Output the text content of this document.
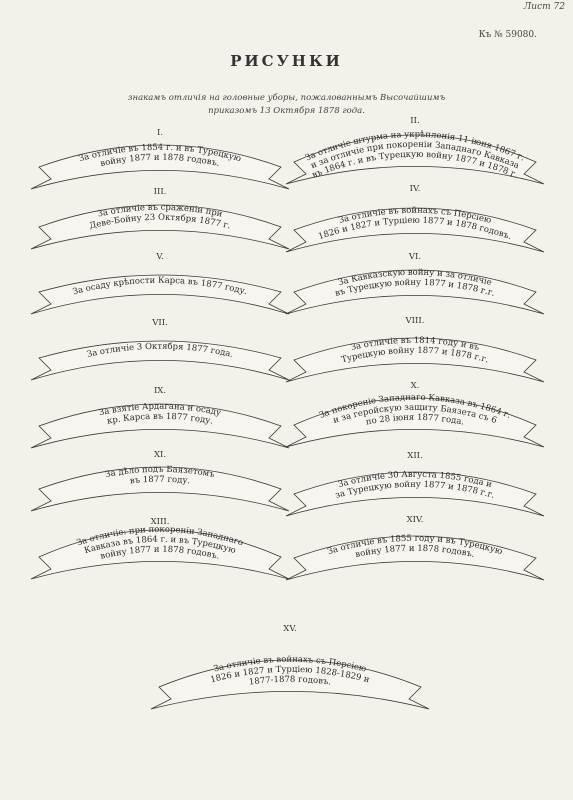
Лист 72
Къ № 59080.
РИСУНКИ
знакамъ отличія на головные уборы, пожалованнымъ Высочайшимъ
приказомъ 13 Октября 1878 года.
I.
II.
III.	IV.
V.	VI.
VII.	VIII.
IX.	X.
XI.	XII.
XIII.	XIV.
XV.
За отличіе въ 1854 г. и въ Турецкую
войну 1877 и 1878 годовъ.
За отличіе штурма на укрѣпленія 11 іюня 1867 г.
и за отличіе при покореніи Западнаго Кавказа
въ 1864 г. и въ Турецкую войну 1877 и 1878 г.
За отличіе въ сраженіи при
Деве-Бойну 23 Октября 1877 г.
За отличіе въ войнахъ съ Персіею
1826 и 1827 и Турціею 1877 и 1878 годовъ.
За осаду крѣпости Карса въ 1877 году.
За Кавказскую войну и за отличіе
въ Турецкую войну 1877 и 1878 г.г.
За отличіе 3 Октября 1877 года.
За отличіе въ 1814 году и въ
Турецкую войну 1877 и 1878 г.г.
За взятіе Ардагана и осаду
кр. Карса въ 1877 году.
За покореніе Западнаго Кавказа въ 1864 г.
и за геройскую защиту Баязета съ 6
по 28 іюня 1877 года.
За дѣло подъ Баязетомъ
въ 1877 году.	За отличіе 30 Августа 1855 года и
за Турецкую войну 1877 и 1878 г.г.
За отличіе: при покореніи Западнаго
Кавказа въ 1864 г. и въ Турецкую
войну 1877 и 1878 годовъ.	За отличіе въ 1855 году и въ Турецкую
войну 1877 и 1878 годовъ.
За отличіе въ войнахъ съ Персіею
1826 и 1827 и Турціею 1828-1829 и
1877-1878 годовъ.
